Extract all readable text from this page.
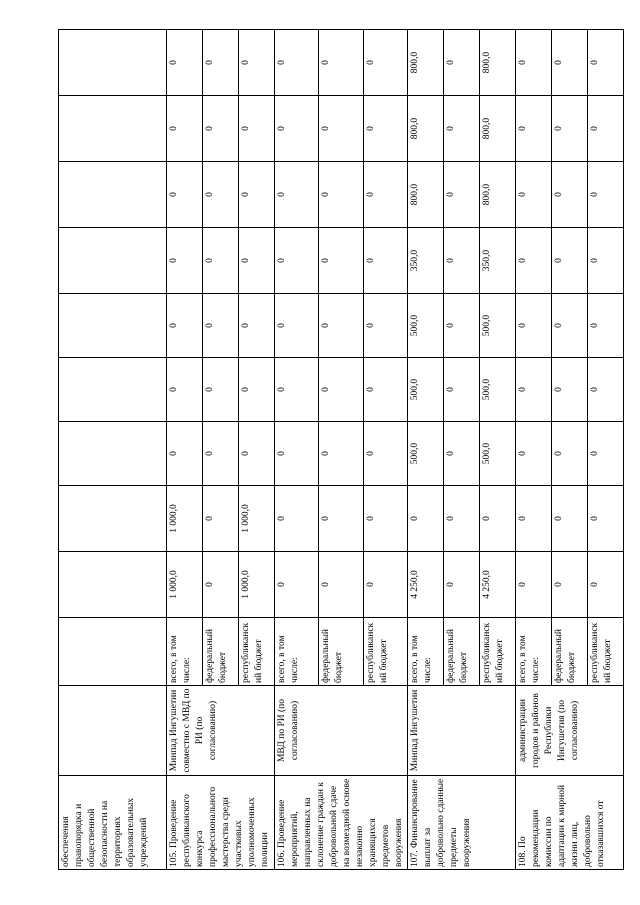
обеспечения правопорядка и общественной безопасности на территориях образовательных учреждений											
105. Проведение республиканского конкурса профессионального мастерства среди участковых уполномоченных полиции	Минпад Ингушетии совместно с МВД по РИ (по согласованию)	всего, в том числе:	1 000,0	1 000,0	0	0	0	0	0	0	0
		федеральный бюджет	0	0	0	0	0	0	0	0	0
		республиканский бюджет	1 000,0	1 000,0	0	0	0	0	0	0	0
106. Проведение мероприятий, направленных на склонение граждан к добровольной сдаче на возмездной основе незаконно хранящихся предметов вооружения	МВД по РИ (по согласованию)	всего, в том числе:	0	0	0	0	0	0	0	0	0
		федеральный бюджет	0	0	0	0	0	0	0	0	0
		республиканский бюджет	0	0	0	0	0	0	0	0	0
107. Финансирование выплат за добровольно сданные предметы вооружения	Минпад Ингушетии	всего, в том числе:	4 250,0	0	500,0	500,0	500,0	350,0	800,0	800,0	800,0
		федеральный бюджет	0	0	0	0	0	0	0	0	0
		республиканский бюджет	4 250,0	0	500,0	500,0	500,0	350,0	800,0	800,0	800,0
108. По рекомендации комиссии по адаптации к мирной жизни лиц, добровольно отказавшихся от	администрации городов и районов Республики Ингушетия (по согласованию)	всего, в том числе:	0	0	0	0	0	0	0	0	0
		федеральный бюджет	0	0	0	0	0	0	0	0	0
		республиканский бюджет	0	0	0	0	0	0	0	0	0
